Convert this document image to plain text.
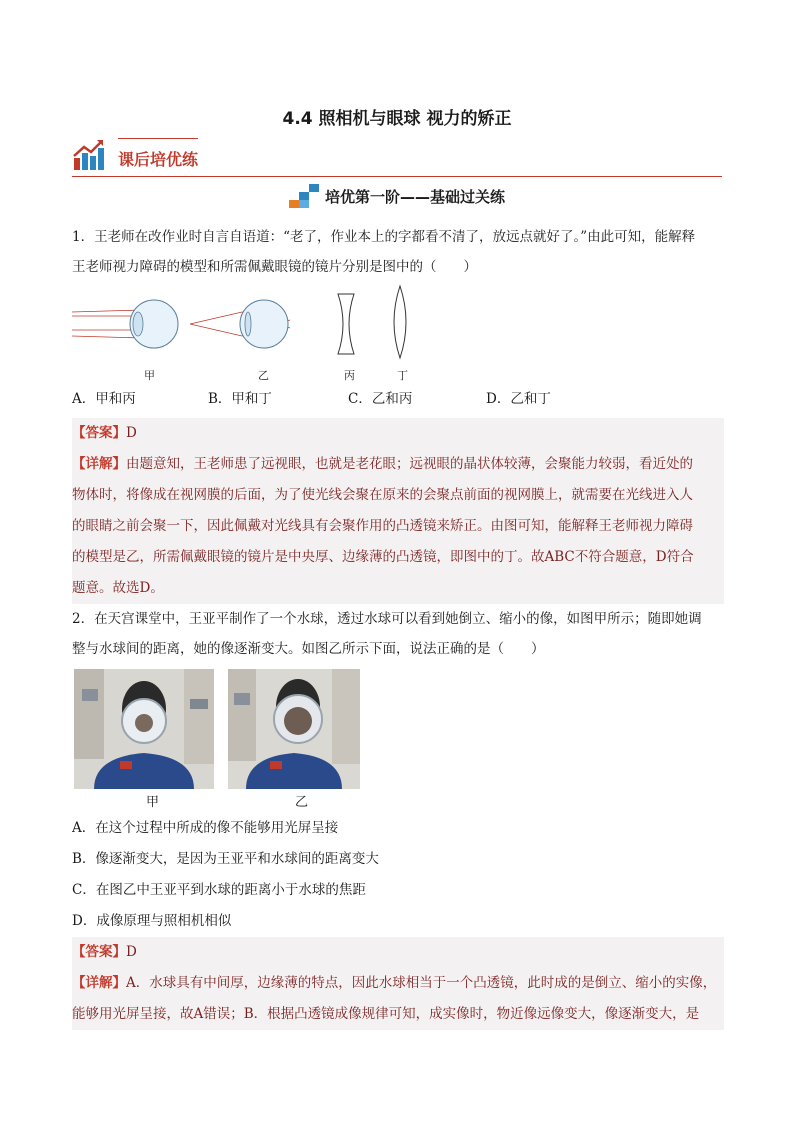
4.4 照相机与眼球 视力的矫正
课后培优练
培优第一阶——基础过关练
1．王老师在改作业时自言自语道：“老了，作业本上的字都看不清了，放远点就好了。”由此可知，能解释
王老师视力障碍的模型和所需佩戴眼镜的镜片分别是图中的（　　）
甲	乙	丙	丁
A．甲和丙	B．甲和丁	C．乙和丙	D．乙和丁
【答案】D
【详解】由题意知，王老师患了远视眼，也就是老花眼；远视眼的晶状体较薄，会聚能力较弱，看近处的
物体时，将像成在视网膜的后面，为了使光线会聚在原来的会聚点前面的视网膜上，就需要在光线进入人
的眼睛之前会聚一下，因此佩戴对光线具有会聚作用的凸透镜来矫正。由图可知，能解释王老师视力障碍
的模型是乙，所需佩戴眼镜的镜片是中央厚、边缘薄的凸透镜，即图中的丁。故ABC不符合题意，D符合
题意。故选D。
2．在天宫课堂中，王亚平制作了一个水球，透过水球可以看到她倒立、缩小的像，如图甲所示；随即她调
整与水球间的距离，她的像逐渐变大。如图乙所示下面，说法正确的是（　　）
甲	乙
A．在这个过程中所成的像不能够用光屏呈接
B．像逐渐变大，是因为王亚平和水球间的距离变大
C．在图乙中王亚平到水球的距离小于水球的焦距
D．成像原理与照相机相似
【答案】D
【详解】A．水球具有中间厚，边缘薄的特点，因此水球相当于一个凸透镜，此时成的是倒立、缩小的实像，
能够用光屏呈接，故A错误；B．根据凸透镜成像规律可知，成实像时，物近像远像变大，像逐渐变大，是
